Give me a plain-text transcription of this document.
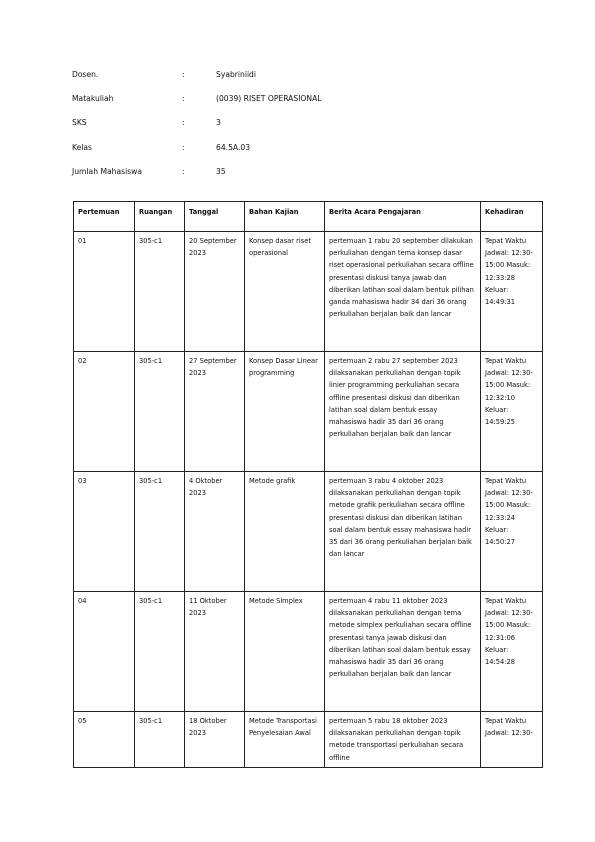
Dosen.	:	Syabriniidi
Matakuliah	:	(0039) RISET OPERASIONAL
SKS	:	3
Kelas	:	64.5A.03
Jumlah Mahasiswa	:	35
Pertemuan	Ruangan	Tanggal	Bahan Kajian	Berita Acara Pengajaran	Kehadiran
01	305-c1	20 September 2023	Konsep dasar riset operasional	pertemuan 1 rabu 20 september dilakukan perkuliahan dengan tema konsep dasar riset operasional perkuliahan secara offline presentasi diskusi tanya jawab dan diberikan latihan soal dalam bentuk pilihan ganda mahasiswa hadir 34 dari 36 orang perkuliahan berjalan baik dan lancar	Tepat Waktu Jadwal: 12:30-15:00 Masuk: 12:33:28 Keluar: 14:49:31
02	305-c1	27 September 2023	Konsep Dasar Linear programming	pertemuan 2 rabu 27 september 2023 dilaksanakan perkuliahan dengan topik linier programming perkuliahan secara offline presentasi diskusi dan diberikan latihan soal dalam bentuk essay mahasiswa hadir 35 dari 36 orang perkuliahan berjalan baik dan lancar	Tepat Waktu Jadwal: 12:30-15:00 Masuk: 12:32:10 Keluar: 14:59:25
03	305-c1	4 Oktober 2023	Metode grafik	pertemuan 3 rabu 4 oktober 2023 dilaksanakan perkuliahan dengan topik metode grafik perkuliahan secara offline presentasi diskusi dan diberikan latihan soal dalam bentuk essay mahasiswa hadir 35 dari 36 orang perkuliahan berjalan baik dan lancar	Tepat Waktu Jadwal: 12:30-15:00 Masuk: 12:33:24 Keluar: 14:50:27
04	305-c1	11 Oktober 2023	Metode Simplex	pertemuan 4 rabu 11 oktober 2023 dilaksanakan perkuliahan dengan tema metode simplex perkuliahan secara offline presentasi tanya jawab diskusi dan diberikan latihan soal dalam bentuk essay mahasiswa hadir 35 dari 36 orang perkuliahan berjalan baik dan lancar	Tepat Waktu Jadwal: 12:30-15:00 Masuk: 12:31:06 Keluar: 14:54:28
05	305-c1	18 Oktober 2023	Metode Transportasi Penyelesaian Awal	pertemuan 5 rabu 18 oktober 2023 dilaksanakan perkuliahan dengan topik metode transportasi perkuliahan secara offline	Tepat Waktu Jadwal: 12:30-
